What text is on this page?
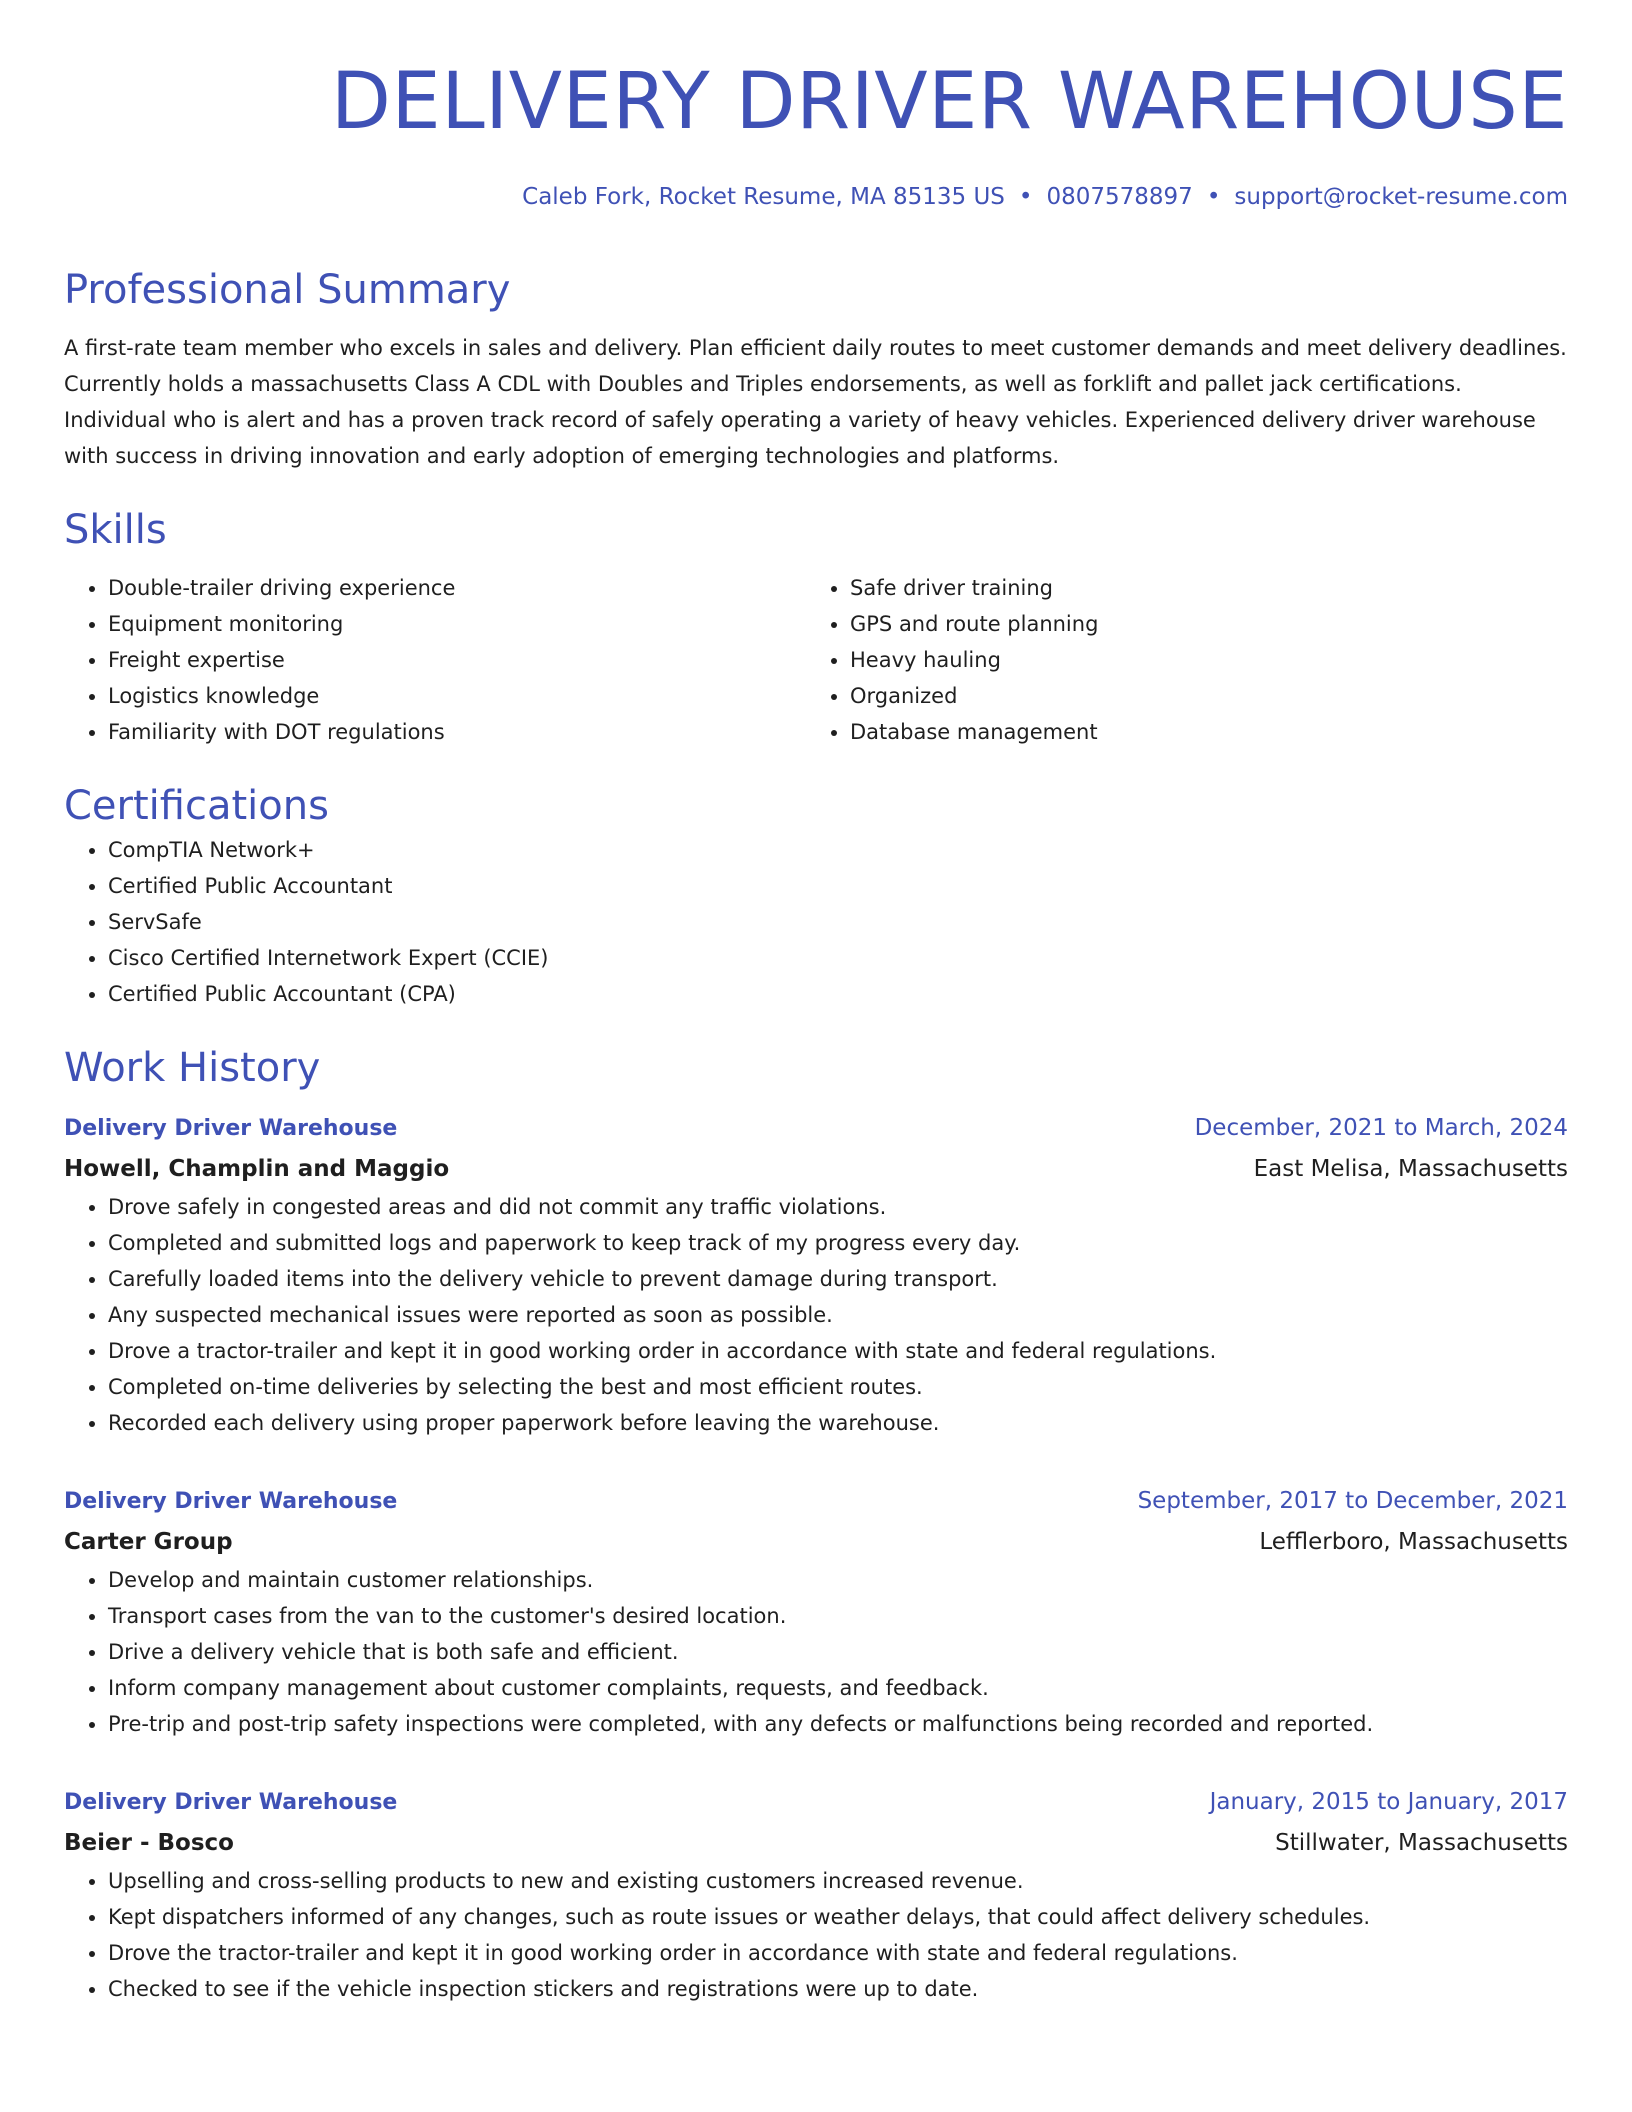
DELIVERY DRIVER WAREHOUSE
Caleb Fork, Rocket Resume, MA 85135 US • 0807578897 • support@rocket-resume.com
Professional Summary

A first-rate team member who excels in sales and delivery. Plan efficient daily routes to meet customer demands and meet delivery deadlines. Currently holds a massachusetts Class A CDL with Doubles and Triples endorsements, as well as forklift and pallet jack certifications. Individual who is alert and has a proven track record of safely operating a variety of heavy vehicles. Experienced delivery driver warehouse with success in driving innovation and early adoption of emerging technologies and platforms.

Skills
• Double-trailer driving experience
• Equipment monitoring
• Freight expertise
• Logistics knowledge
• Familiarity with DOT regulations
• Safe driver training
• GPS and route planning
• Heavy hauling
• Organized
• Database management
Certifications
• CompTIA Network+
• Certified Public Accountant
• ServSafe
• Cisco Certified Internetwork Expert (CCIE)
• Certified Public Accountant (CPA)
Work History
Delivery Driver Warehouse	December, 2021 to March, 2024
Howell, Champlin and Maggio	East Melisa, Massachusetts
• Drove safely in congested areas and did not commit any traffic violations.
• Completed and submitted logs and paperwork to keep track of my progress every day.
• Carefully loaded items into the delivery vehicle to prevent damage during transport.
• Any suspected mechanical issues were reported as soon as possible.
• Drove a tractor-trailer and kept it in good working order in accordance with state and federal regulations.
• Completed on-time deliveries by selecting the best and most efficient routes.
• Recorded each delivery using proper paperwork before leaving the warehouse.
Delivery Driver Warehouse	September, 2017 to December, 2021
Carter Group	Lefflerboro, Massachusetts
• Develop and maintain customer relationships.
• Transport cases from the van to the customer's desired location.
• Drive a delivery vehicle that is both safe and efficient.
• Inform company management about customer complaints, requests, and feedback.
• Pre-trip and post-trip safety inspections were completed, with any defects or malfunctions being recorded and reported.
Delivery Driver Warehouse	January, 2015 to January, 2017
Beier - Bosco	Stillwater, Massachusetts
• Upselling and cross-selling products to new and existing customers increased revenue.
• Kept dispatchers informed of any changes, such as route issues or weather delays, that could affect delivery schedules.
• Drove the tractor-trailer and kept it in good working order in accordance with state and federal regulations.
• Checked to see if the vehicle inspection stickers and registrations were up to date.
